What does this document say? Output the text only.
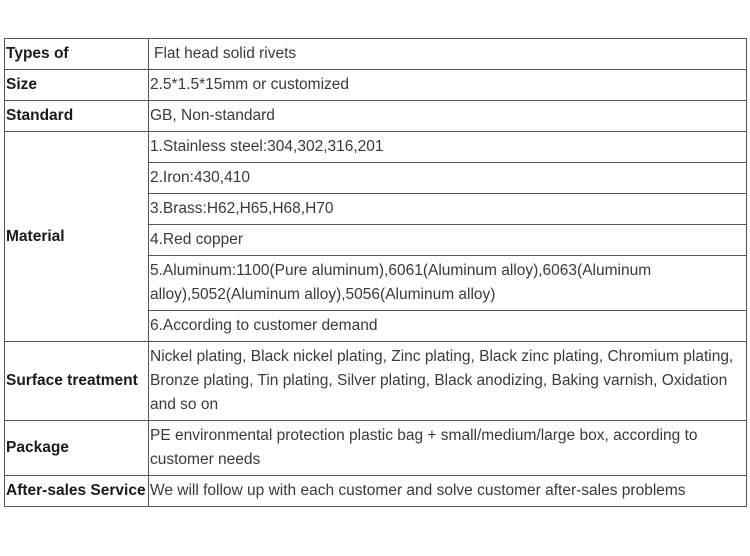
Types of	Flat head solid rivets
Size	2.5*1.5*15mm or customized
Standard	GB, Non-standard
Material	1.Stainless steel:304,302,316,201
	2.Iron:430,410
	3.Brass:H62,H65,H68,H70
	4.Red copper
	5.Aluminum:1100(Pure aluminum),6061(Aluminum alloy),6063(Aluminum alloy),5052(Aluminum alloy),5056(Aluminum alloy)
	6.According to customer demand
Surface treatment	Nickel plating, Black nickel plating, Zinc plating, Black zinc plating, Chromium plating, Bronze plating, Tin plating, Silver plating, Black anodizing, Baking varnish, Oxidation and so on
Package	PE environmental protection plastic bag + small/medium/large box, according to customer needs
After-sales Service	We will follow up with each customer and solve customer after-sales problems
